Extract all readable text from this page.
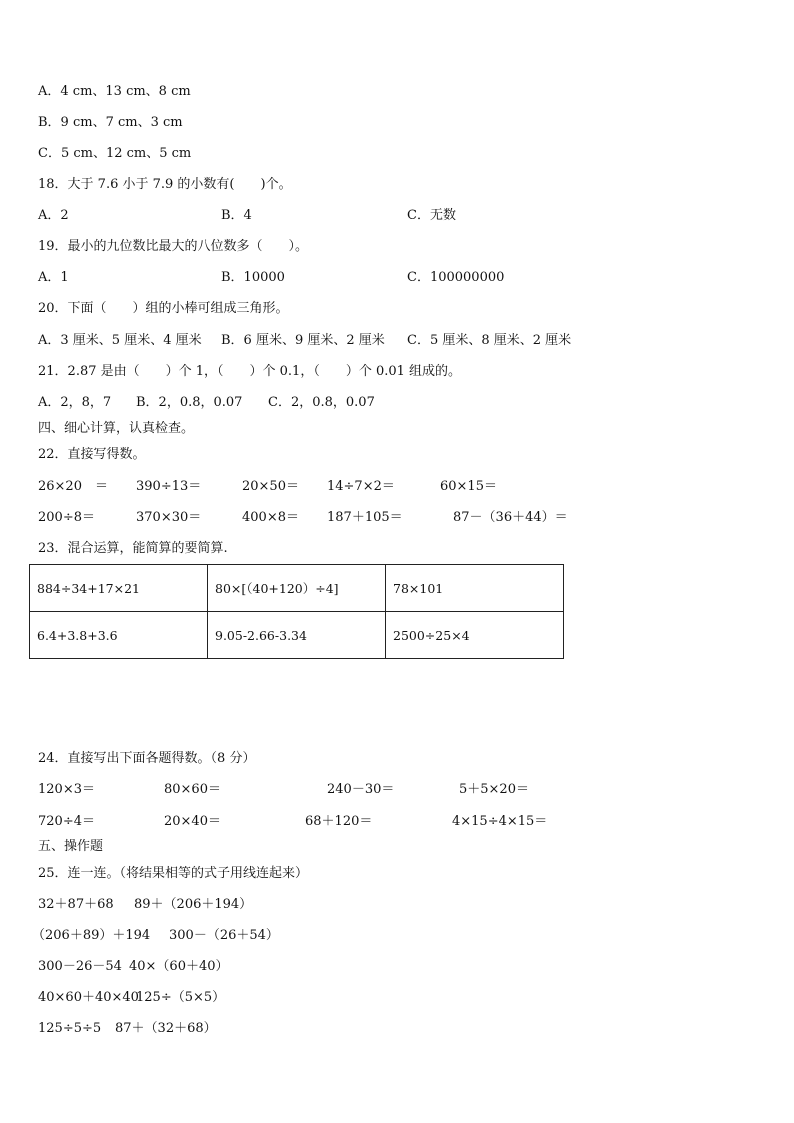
A．4 cm、13 cm、8 cm
B．9 cm、7 cm、3 cm
C．5 cm、12 cm、5 cm
18．大于 7.6 小于 7.9 的小数有(　　)个。
A．2	B．4	C．无数
19．最小的九位数比最大的八位数多（　　）。
A．1	B．10000	C．100000000
20．下面（　　）组的小棒可组成三角形。
A．3 厘米、5 厘米、4 厘米 B．6 厘米、9 厘米、2 厘米 C．5 厘米、8 厘米、2 厘米
21．2.87 是由（　　）个 1，（　　）个 0.1，（　　）个 0.01 组成的。
A．2，8，7 B．2，0.8，0.07 C．2，0.8，0.07
四、细心计算，认真检查。
22．直接写得数。
26×20　＝ 390÷13＝	20×50＝ 14÷7×2＝	60×15＝
200÷8＝	370×30＝	400×8＝ 187＋105＝	87－（36＋44）＝
23．混合运算，能简算的要简算.
884÷34+17×21	80×[（40+120）÷4]	78×101
6.4+3.8+3.6	9.05-2.66-3.34	2500÷25×4
24．直接写出下面各题得数。（8 分）
120×3＝	80×60＝	240－30＝	5＋5×20＝
720÷4＝	20×40＝	68＋120＝	4×15÷4×15＝
五、操作题
25．连一连。（将结果相等的式子用线连起来）
32＋87＋68 89＋（206＋194）
（206＋89）＋194 300－（26＋54）
300－26－54 40×（60＋40）
40×60＋40×40
125÷（5×5）
125÷5÷5 87＋（32＋68）
